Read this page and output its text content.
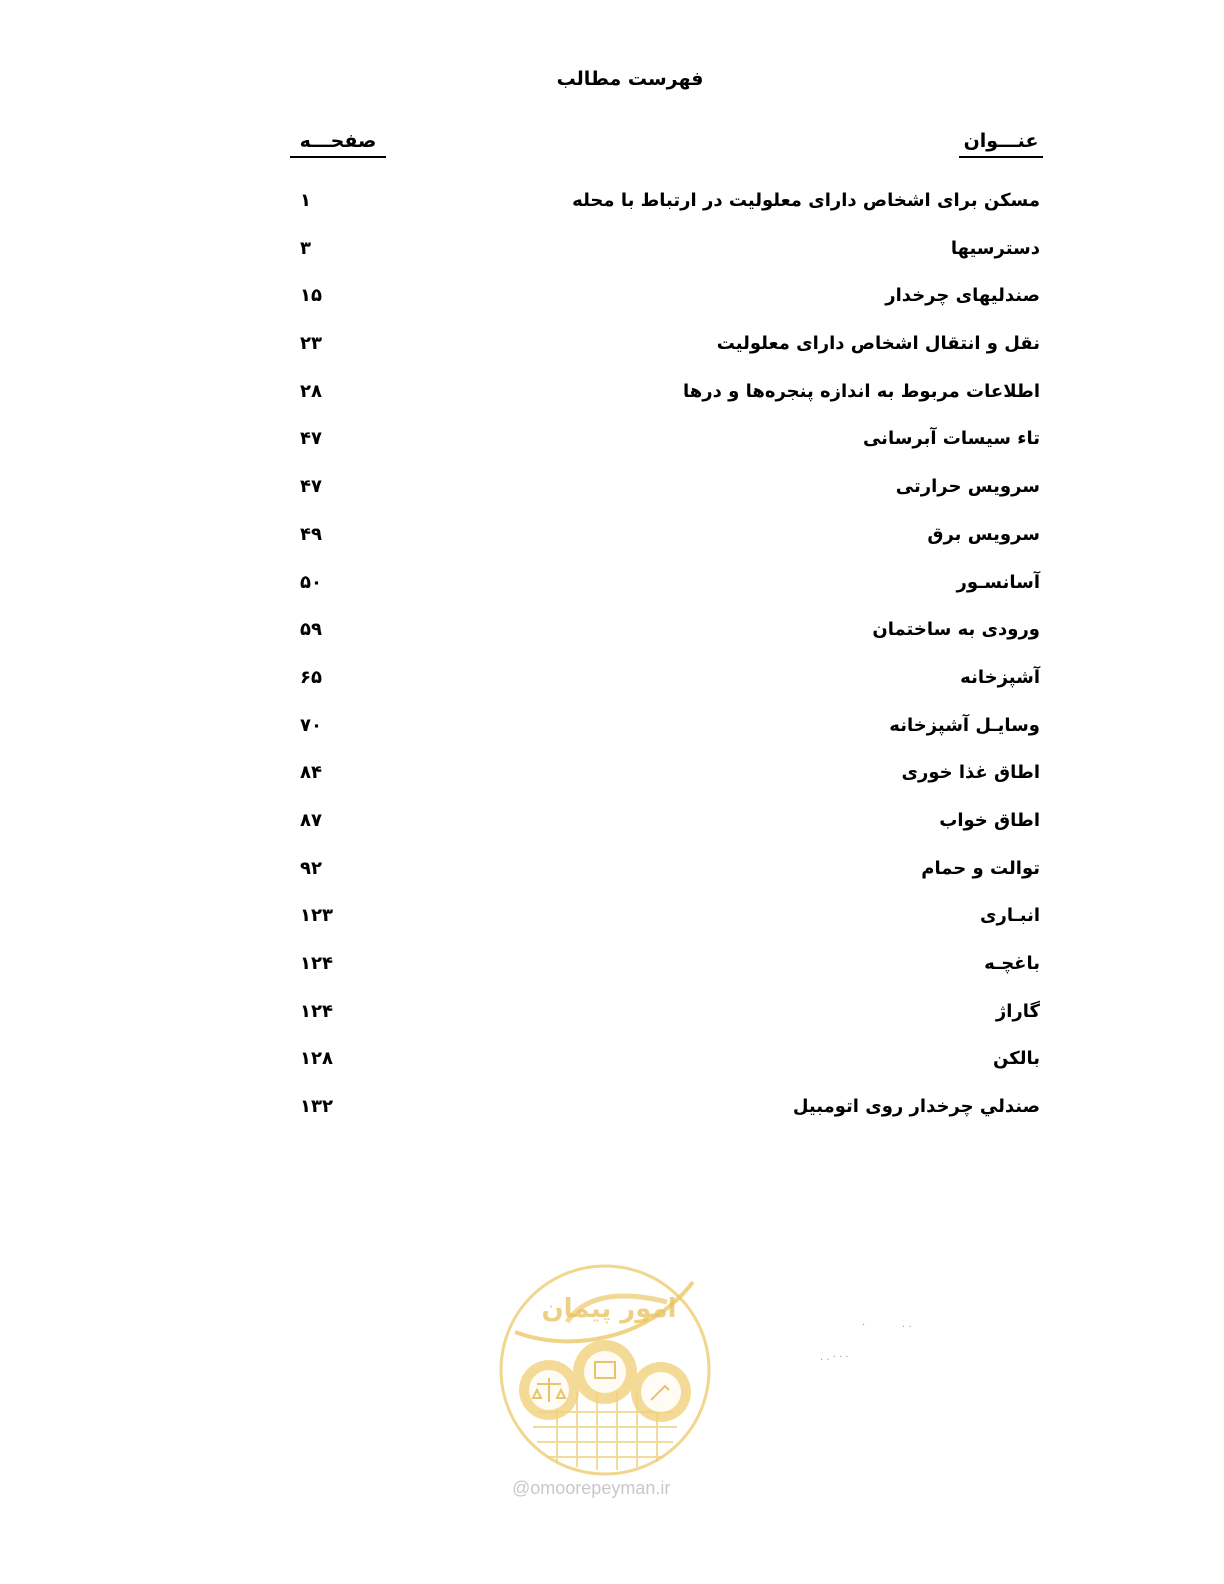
فهرست مطالب
عنـــوان
صفحـــه
مسکن برای اشخاص دارای معلولیت در ارتباط با محله
۱
دسترسیها
۳
صندلیهای چرخدار
۱۵
نقل و انتقال اشخاص دارای معلولیت
۲۳
اطلاعات مربوط به اندازه پنجره‌ها و درها
۲۸
تاء سیسات آبرسانی
۴۷
سرویس حرارتی
۴۷
سرویس برق
۴۹
آسانسـور
۵۰
ورودی به ساختمان
۵۹
آشپزخانه
۶۵
وسایـل آشپزخانه
۷۰
اطاق غذا خوری
۸۴
اطاق خواب
۸۷
توالت و حمام
۹۲
انبـاری
۱۲۳
باغچـه
۱۲۴
گاراژ
۱۲۴
بالکن
۱۲۸
صندلي چرخدار روی اتومبیل
۱۳۲
امور پیمان
@omoorepeyman.ir
. . · · ·
·	· ·
